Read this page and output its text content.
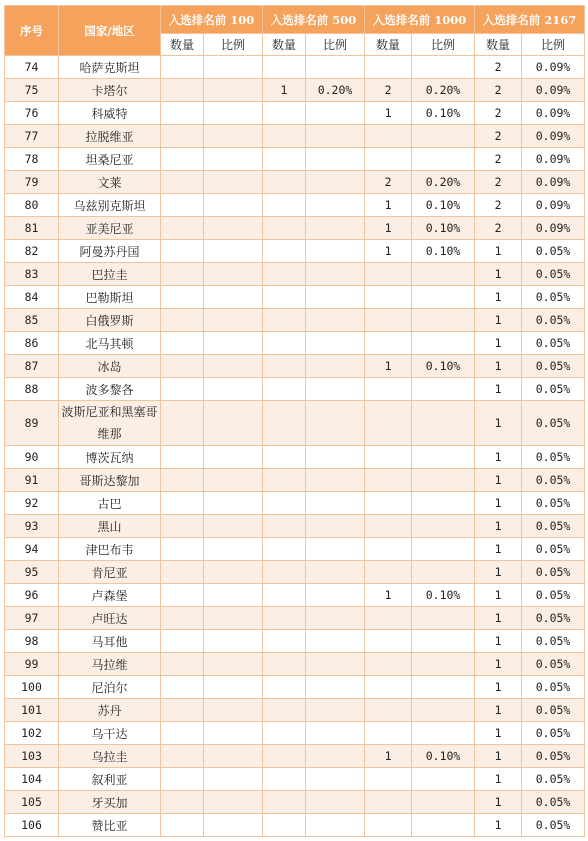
序号	国家/地区	入选排名前 100		入选排名前 500		入选排名前 1000		入选排名前 2167	
		数量	比例	数量	比例	数量	比例	数量	比例
74	哈萨克斯坦							2	0.09%
75	卡塔尔			1	0.20%	2	0.20%	2	0.09%
76	科威特					1	0.10%	2	0.09%
77	拉脱维亚							2	0.09%
78	坦桑尼亚							2	0.09%
79	文莱					2	0.20%	2	0.09%
80	乌兹别克斯坦					1	0.10%	2	0.09%
81	亚美尼亚					1	0.10%	2	0.09%
82	阿曼苏丹国					1	0.10%	1	0.05%
83	巴拉圭							1	0.05%
84	巴勒斯坦							1	0.05%
85	白俄罗斯							1	0.05%
86	北马其顿							1	0.05%
87	冰岛					1	0.10%	1	0.05%
88	波多黎各							1	0.05%
89	波斯尼亚和黑塞哥维那							1	0.05%
90	博茨瓦纳							1	0.05%
91	哥斯达黎加							1	0.05%
92	古巴							1	0.05%
93	黑山							1	0.05%
94	津巴布韦							1	0.05%
95	肯尼亚							1	0.05%
96	卢森堡					1	0.10%	1	0.05%
97	卢旺达							1	0.05%
98	马耳他							1	0.05%
99	马拉维							1	0.05%
100	尼泊尔							1	0.05%
101	苏丹							1	0.05%
102	乌干达							1	0.05%
103	乌拉圭					1	0.10%	1	0.05%
104	叙利亚							1	0.05%
105	牙买加							1	0.05%
106	赞比亚							1	0.05%
